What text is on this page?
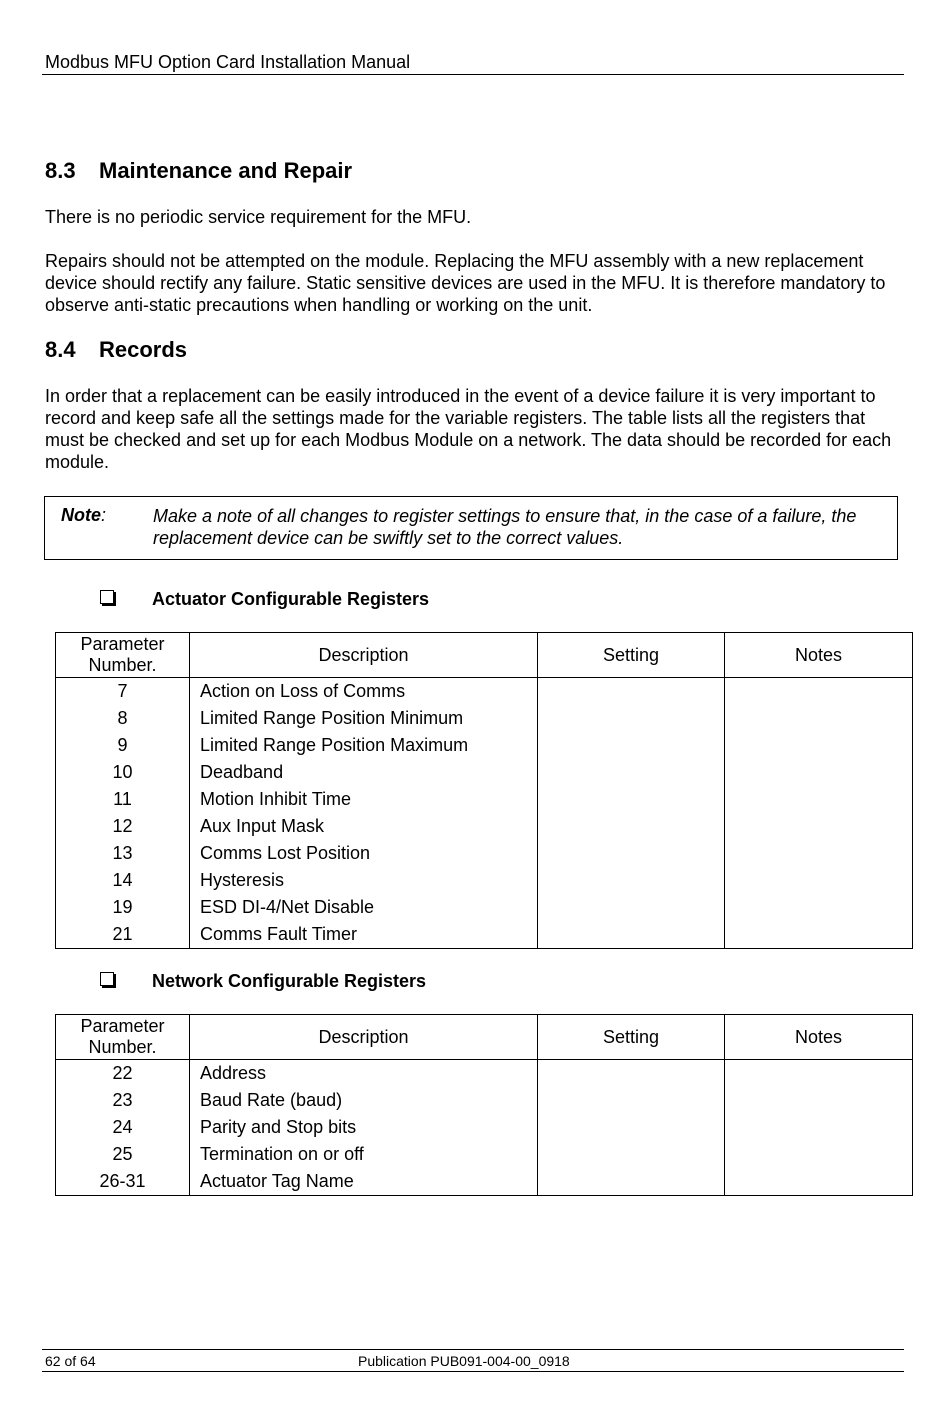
Modbus MFU Option Card Installation Manual
8.3 Maintenance and Repair

There is no periodic service requirement for the MFU.

Repairs should not be attempted on the module. Replacing the MFU assembly with a new replacement device should rectify any failure. Static sensitive devices are used in the MFU. It is therefore mandatory to observe anti-static precautions when handling or working on the unit.

8.4 Records

In order that a replacement can be easily introduced in the event of a device failure it is very important to record and keep safe all the settings made for the variable registers. The table lists all the registers that must be checked and set up for each Modbus Module on a network. The data should be recorded for each module.

Note:	Make a note of all changes to register settings to ensure that, in the case of a failure, the replacement device can be swiftly set to the correct values.
Actuator Configurable Registers
Parameter Number.	Description	Setting	Notes
7	Action on Loss of Comms		
8	Limited Range Position Minimum		
9	Limited Range Position Maximum		
10	Deadband		
11	Motion Inhibit Time		
12	Aux Input Mask		
13	Comms Lost Position		
14	Hysteresis		
19	ESD DI-4/Net Disable		
21	Comms Fault Timer		
Network Configurable Registers
Parameter Number.	Description	Setting	Notes
22	Address		
23	Baud Rate (baud)		
24	Parity and Stop bits		
25	Termination on or off		
26-31	Actuator Tag Name		
62 of 64	Publication PUB091-004-00_0918
